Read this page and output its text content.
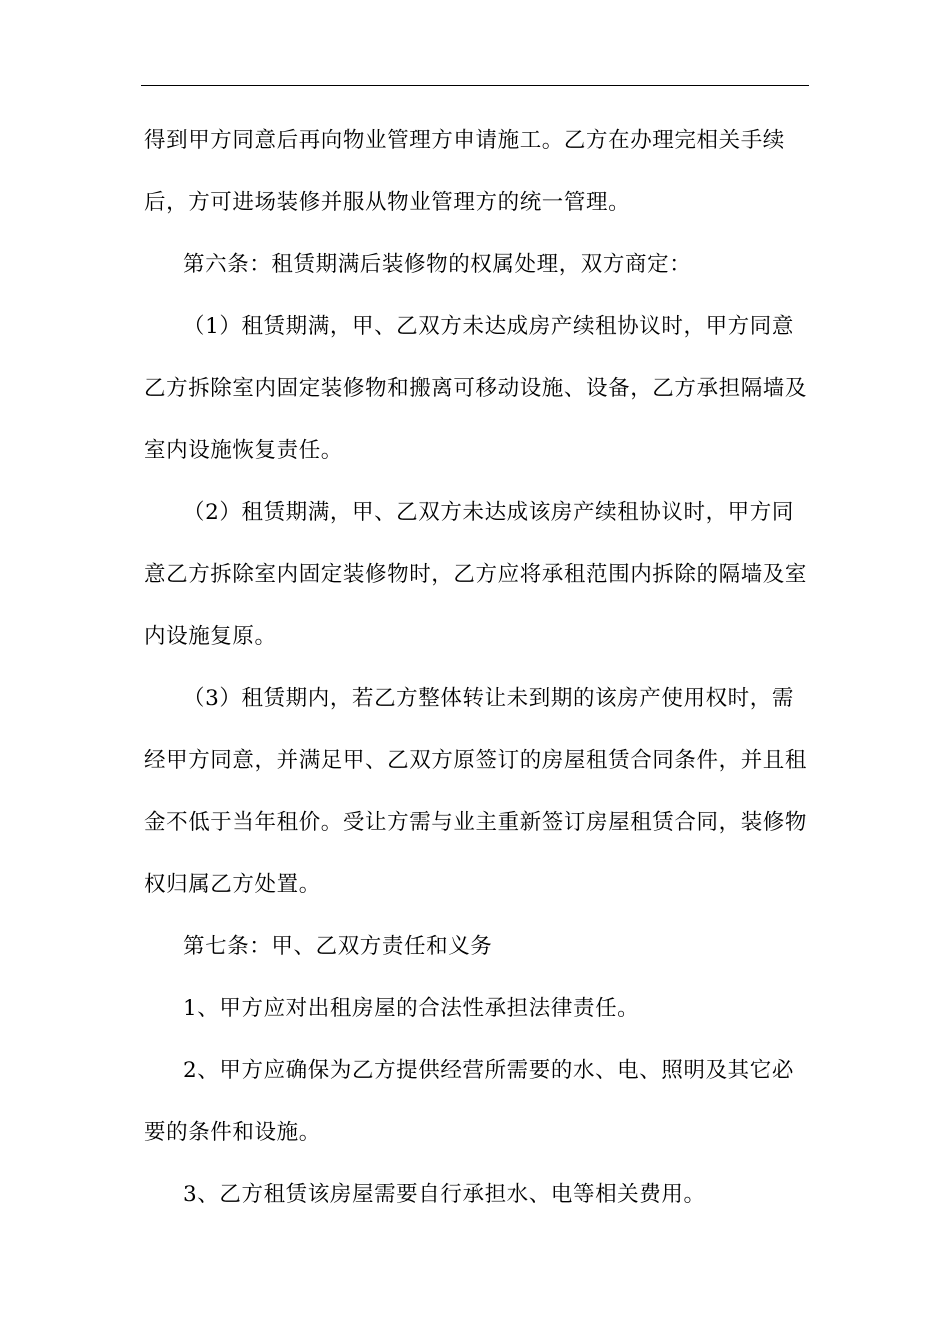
得到甲方同意后再向物业管理方申请施工。乙方在办理完相关手续
后，方可进场装修并服从物业管理方的统一管理。
第六条：租赁期满后装修物的权属处理，双方商定：
（1）租赁期满，甲、乙双方未达成房产续租协议时，甲方同意
乙方拆除室内固定装修物和搬离可移动设施、设备，乙方承担隔墙及
室内设施恢复责任。
（2）租赁期满，甲、乙双方未达成该房产续租协议时，甲方同
意乙方拆除室内固定装修物时，乙方应将承租范围内拆除的隔墙及室
内设施复原。
（3）租赁期内，若乙方整体转让未到期的该房产使用权时，需
经甲方同意，并满足甲、乙双方原签订的房屋租赁合同条件，并且租
金不低于当年租价。受让方需与业主重新签订房屋租赁合同，装修物
权归属乙方处置。
第七条：甲、乙双方责任和义务
1、甲方应对出租房屋的合法性承担法律责任。
2、甲方应确保为乙方提供经营所需要的水、电、照明及其它必
要的条件和设施。
3、乙方租赁该房屋需要自行承担水、电等相关费用。
